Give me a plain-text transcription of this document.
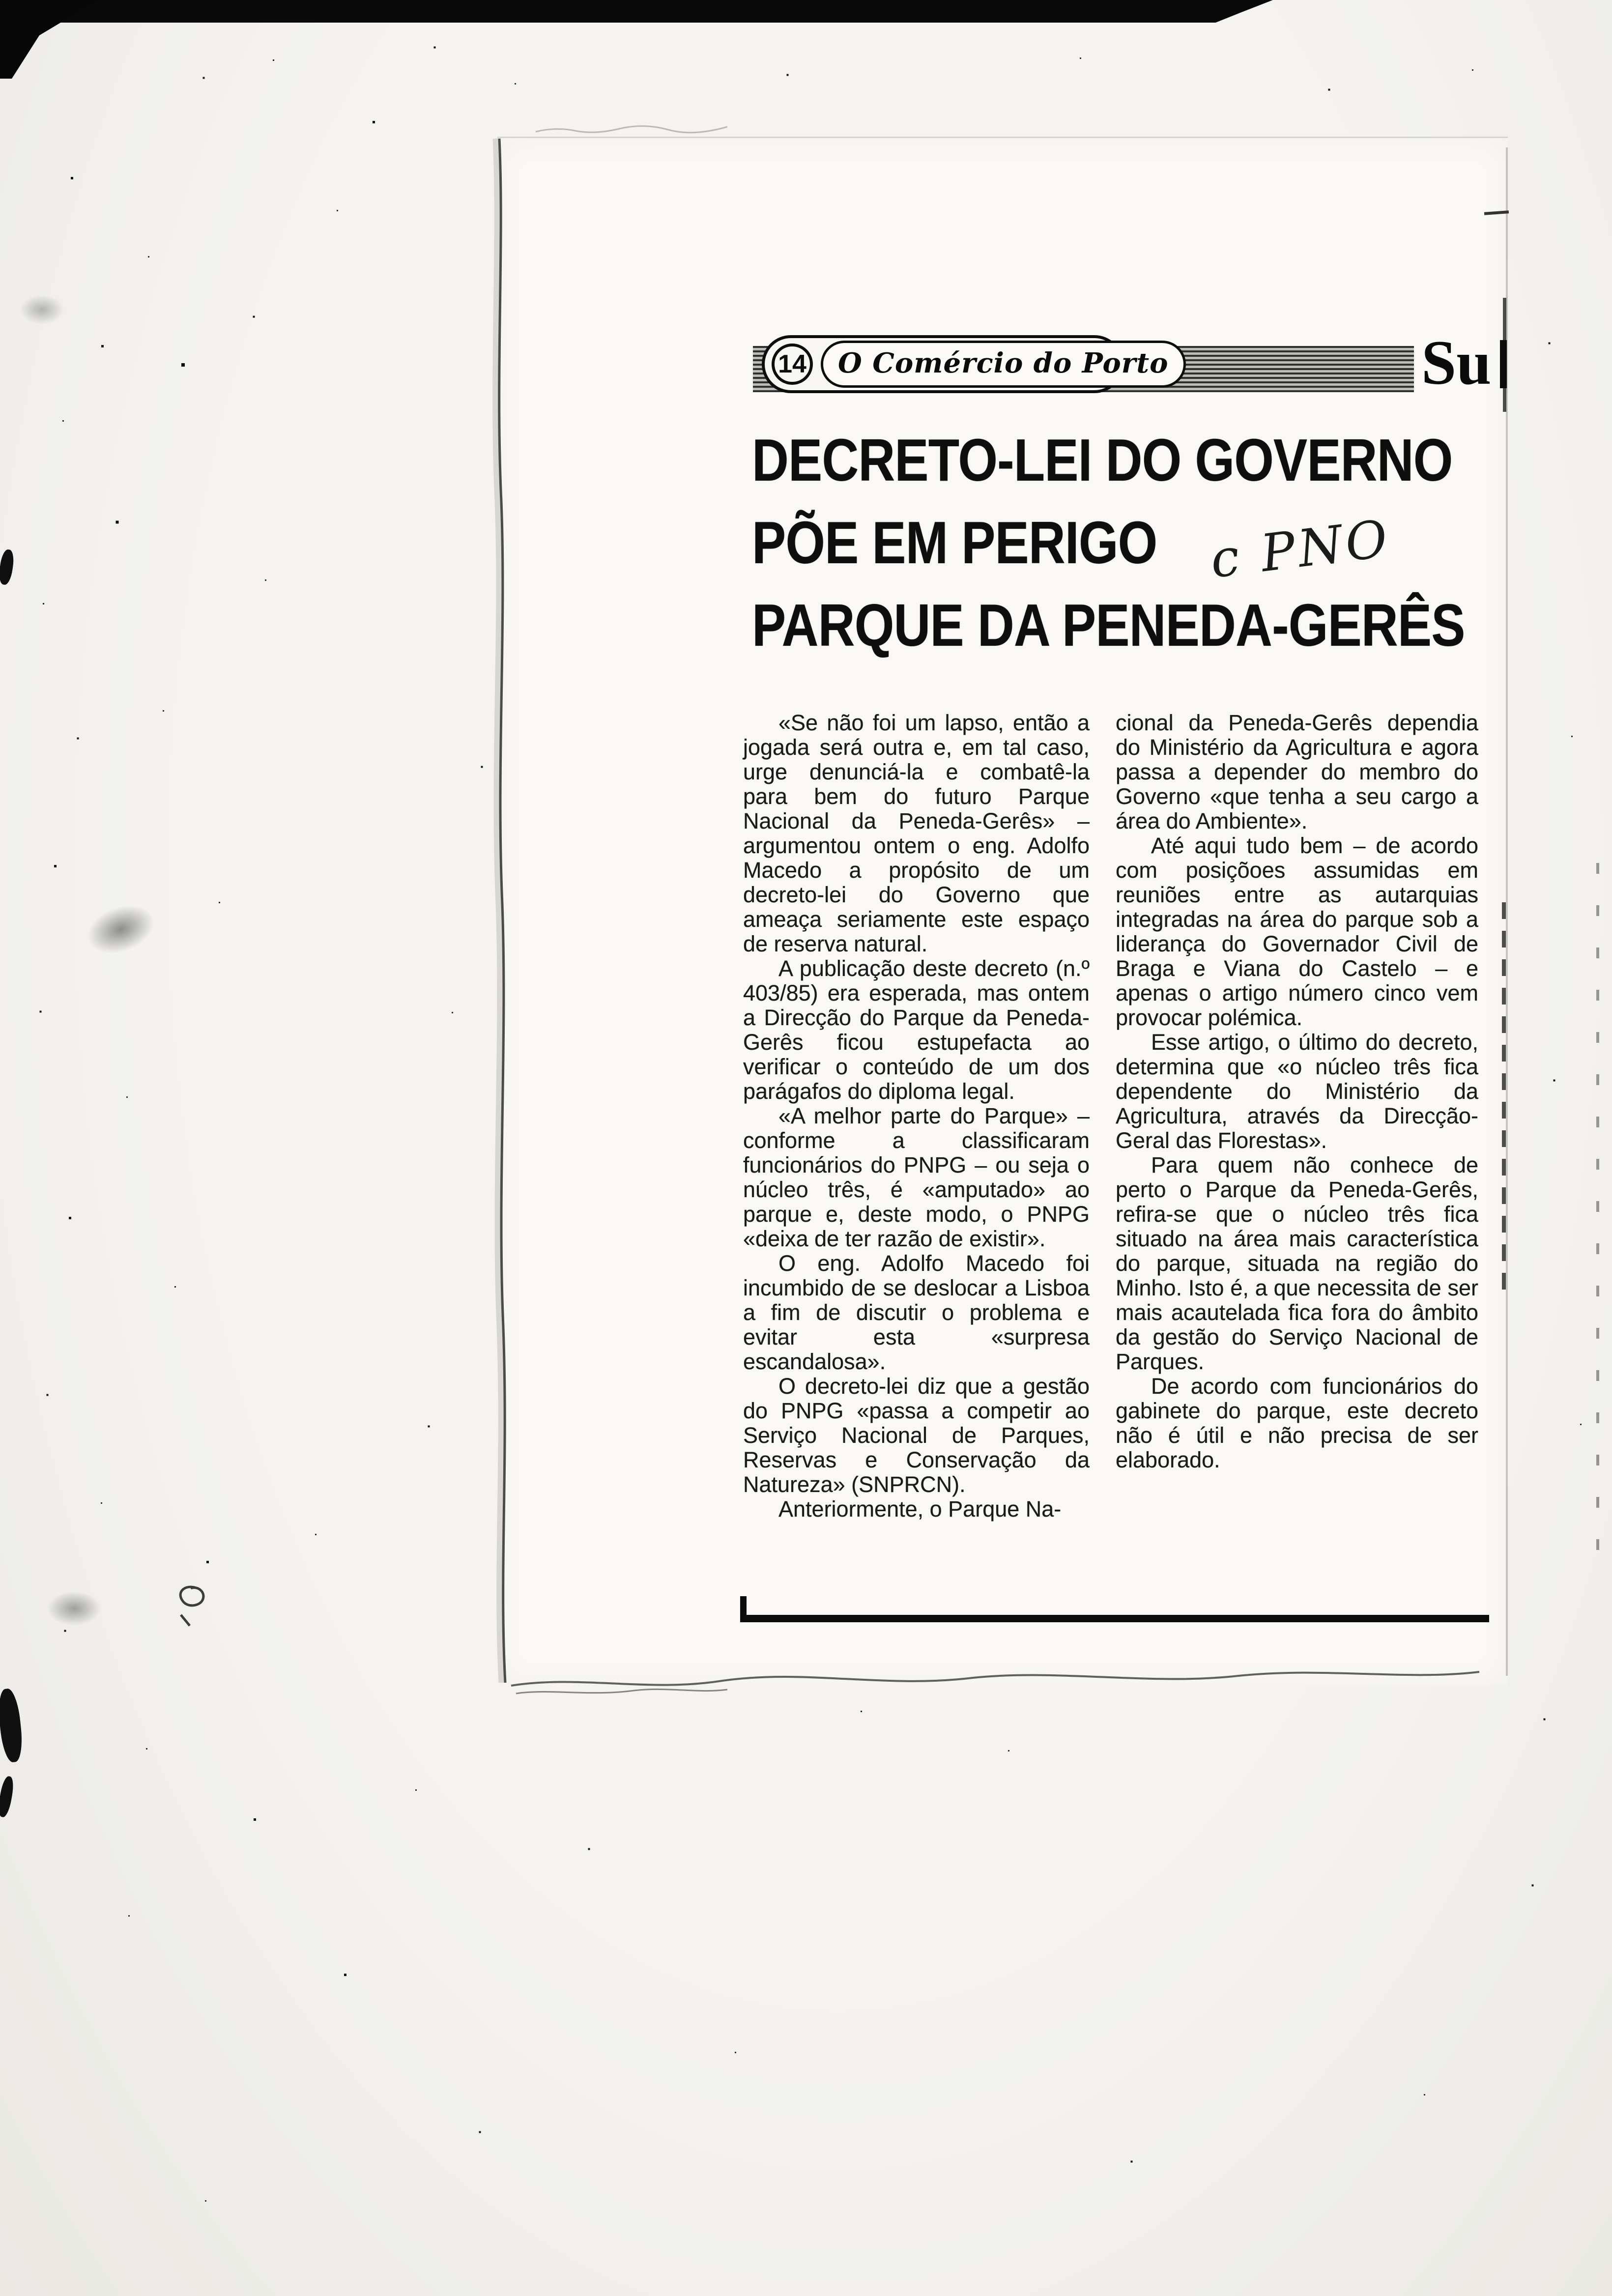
14	O Comércio do Porto	Su
DECRETO-LEI DO GOVERNO
PÕE EM PERIGO
PARQUE DA PENEDA-GERÊS
c PNO

«Se não foi um lapso, então a jogada será outra e, em tal caso, urge denunciá-la e combatê-la para bem do futuro Parque Nacional da Peneda-Gerês» – argumentou ontem o eng. Adolfo Macedo a propósito de um decreto-lei do Governo que ameaça seriamente este espaço de reserva natural.

A publicação deste decreto (n.º 403/85) era esperada, mas ontem a Direcção do Parque da Peneda-Gerês ficou estupefacta ao verificar o conteúdo de um dos parágafos do diploma legal.

«A melhor parte do Parque» – conforme a classificaram funcionários do PNPG – ou seja o núcleo três, é «amputado» ao parque e, deste modo, o PNPG «deixa de ter razão de existir».

O eng. Adolfo Macedo foi incumbido de se deslocar a Lisboa a fim de discutir o problema e evitar esta «surpresa escandalosa».

O decreto-lei diz que a gestão do PNPG «passa a competir ao Serviço Nacional de Parques, Reservas e Conservação da Natureza» (SNPRCN).

Anteriormente, o Parque Na-

cional da Peneda-Gerês dependia do Ministério da Agricultura e agora passa a depender do membro do Governo «que tenha a seu cargo a área do Ambiente».

Até aqui tudo bem – de acordo com posiçõoes assumidas em reuniões entre as autarquias integradas na área do parque sob a liderança do Governador Civil de Braga e Viana do Castelo – e apenas o artigo número cinco vem provocar polémica.

Esse artigo, o último do decreto, determina que «o núcleo três fica dependente do Ministério da Agricultura, através da Direcção-Geral das Florestas».

Para quem não conhece de perto o Parque da Peneda-Gerês, refira-se que o núcleo três fica situado na área mais característica do parque, situada na região do Minho. Isto é, a que necessita de ser mais acautelada fica fora do âmbito da gestão do Serviço Nacional de Parques.

De acordo com funcionários do gabinete do parque, este decreto não é útil e não precisa de ser elaborado.
